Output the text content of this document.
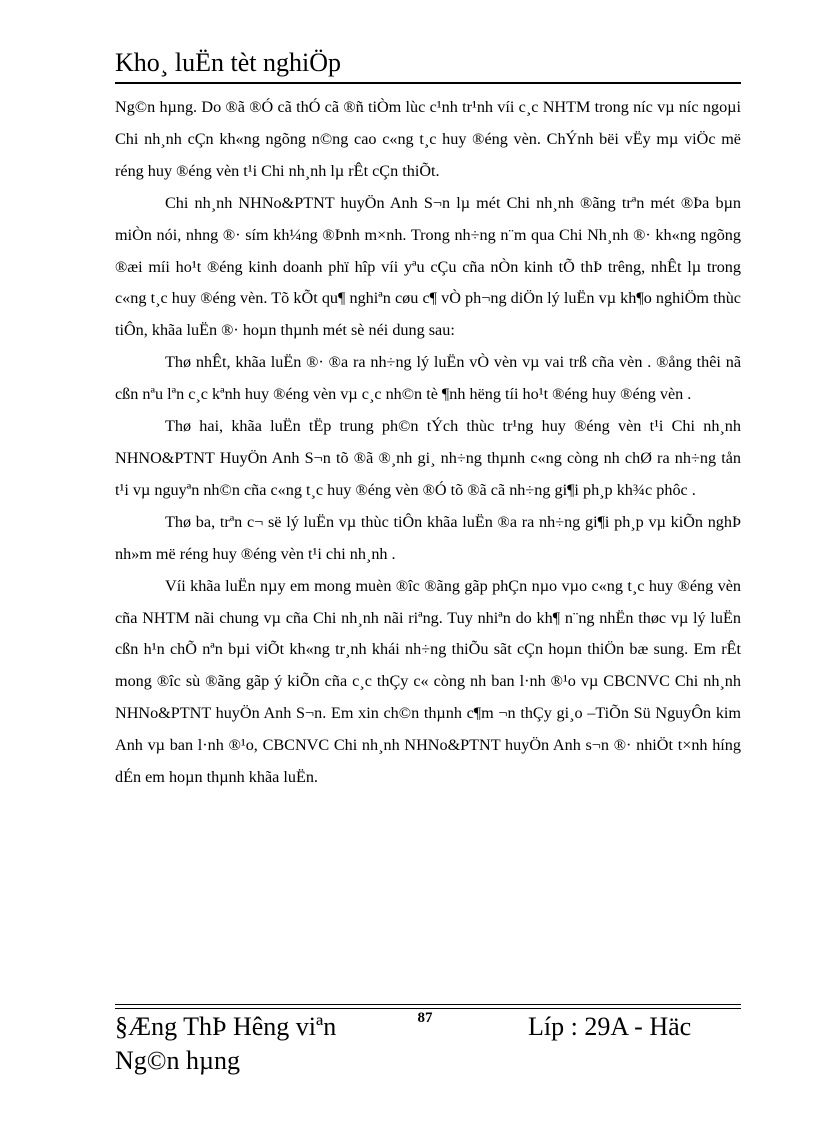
Kho¸ luËn tèt nghiÖp

Ng©n hµng. Do ®ã ®Ó cã thÓ cã ®ñ tiÒm lùc c¹nh tr¹nh víi c¸c NHTM trong níc vµ níc ngoµi Chi nh¸nh cÇn kh«ng ngõng n©ng cao c«ng t¸c huy ®éng vèn. ChÝnh bëi vËy mµ viÖc më réng huy ®éng vèn t¹i Chi nh¸nh lµ rÊt cÇn thiÕt.

Chi nh¸nh NHNo&PTNT huyÖn Anh S¬n lµ mét Chi nh¸nh ®ãng trªn mét ®Þa bµn miÒn nói, nhng ®· sím kh¼ng ®Þnh m×nh. Trong nh÷ng n¨m qua Chi Nh¸nh ®· kh«ng ngõng ®æi míi ho¹t ®éng kinh doanh phï hîp víi yªu cÇu cña nÒn kinh tÕ thÞ trêng, nhÊt lµ trong c«ng t¸c huy ®éng vèn. Tõ kÕt qu¶ nghiªn cøu c¶ vÒ ph¬ng diÖn lý luËn vµ kh¶o nghiÖm thùc tiÔn, khãa luËn ®· hoµn thµnh mét sè néi dung sau:

Thø nhÊt, khãa luËn ®· ®a ra nh÷ng lý luËn vÒ vèn vµ vai trß cña vèn . ®ång thêi nã cßn nªu lªn c¸c kªnh huy ®éng vèn vµ c¸c nh©n tè ¶nh hëng tíi ho¹t ®éng huy ®éng vèn .

Thø hai, khãa luËn tËp trung ph©n tÝch thùc tr¹ng huy ®éng vèn t¹i Chi nh¸nh NHNO&PTNT HuyÖn Anh S¬n tõ ®ã ®¸nh gi¸ nh÷ng thµnh c«ng còng nh chØ ra nh÷ng tån t¹i vµ nguyªn nh©n cña c«ng t¸c huy ®éng vèn ®Ó tõ ®ã cã nh÷ng gi¶i ph¸p kh¾c phôc .

Thø ba, trªn c¬ së lý luËn vµ thùc tiÔn khãa luËn ®a ra nh÷ng gi¶i ph¸p vµ kiÕn nghÞ nh»m më réng huy ®éng vèn t¹i chi nh¸nh .

Víi khãa luËn nµy em mong muèn ®îc ®ãng gãp phÇn nµo vµo c«ng t¸c huy ®éng vèn cña NHTM nãi chung vµ cña Chi nh¸nh nãi riªng. Tuy nhiªn do kh¶ n¨ng nhËn thøc vµ lý luËn cßn h¹n chÕ nªn bµi viÕt kh«ng tr¸nh khái nh÷ng thiÕu sãt cÇn hoµn thiÖn bæ sung. Em rÊt mong ®îc sù ®ãng gãp ý kiÕn cña c¸c thÇy c« còng nh ban l·nh ®¹o vµ CBCNVC Chi nh¸nh NHNo&PTNT huyÖn Anh S¬n. Em xin ch©n thµnh c¶m ¬n thÇy gi¸o –TiÕn Sü NguyÔn kim Anh vµ ban l·nh ®¹o, CBCNVC Chi nh¸nh NHNo&PTNT huyÖn Anh s¬n ®· nhiÖt t×nh híng dÉn em hoµn thµnh khãa luËn.

§Æng ThÞ Hêng viªn Ng©n hµng
87	Líp : 29A - Häc
